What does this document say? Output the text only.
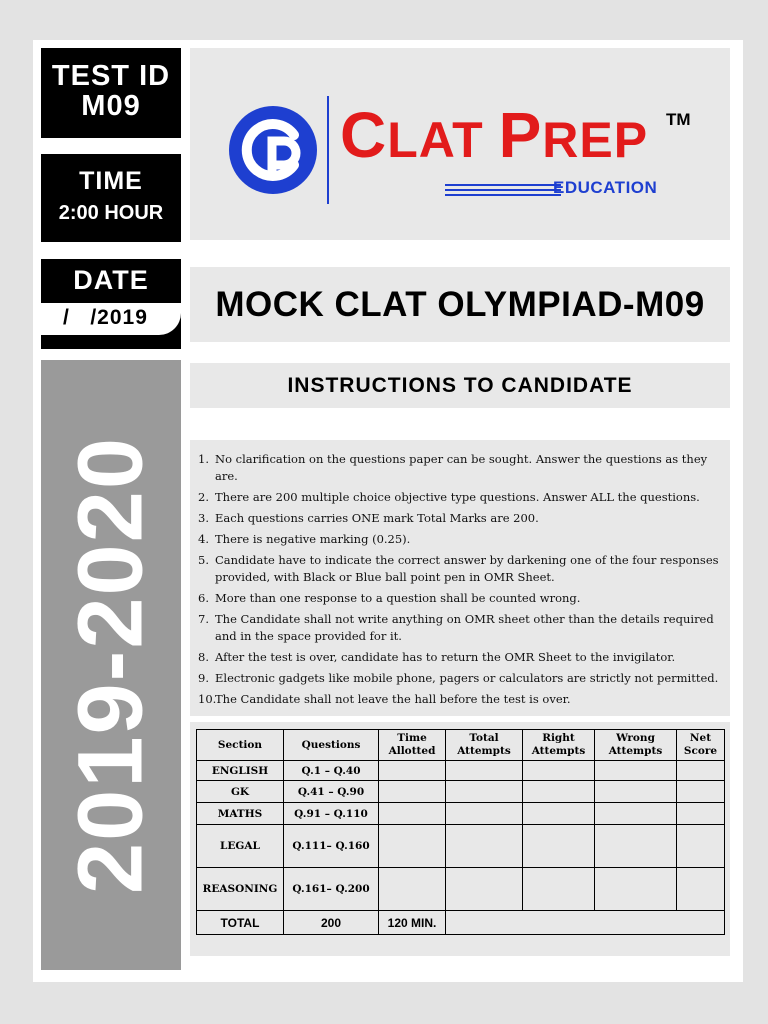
TEST ID
M09
TIME
2:00 HOUR
DATE
/   /2019
2019-2020
CLAT PREP TM
EDUCATION
MOCK CLAT OLYMPIAD-M09
INSTRUCTIONS TO CANDIDATE
1. No clarification on the questions paper can be sought. Answer the questions as they are.
2. There are 200 multiple choice objective type questions. Answer ALL the questions.
3. Each questions carries ONE mark Total Marks are 200.
4. There is negative marking (0.25).
5. Candidate have to indicate the correct answer by darkening one of the four responses provided, with Black or Blue ball point pen in OMR Sheet.
6. More than one response to a question shall be counted wrong.
7. The Candidate shall not write anything on OMR sheet other than the details required and in the space provided for it.
8. After the test is over, candidate has to return the OMR Sheet to the invigilator.
9. Electronic gadgets like mobile phone, pagers or calculators are strictly not permitted.
10.
The Candidate shall not leave the hall before the test is over.
Section	Questions	Time Allotted	Total Attempts	Right Attempts	Wrong Attempts	Net Score
ENGLISH	Q.1 – Q.40					
GK	Q.41 – Q.90					
MATHS	Q.91 – Q.110					
LEGAL	Q.111– Q.160					
REASONING	Q.161– Q.200					
TOTAL	200	120 MIN.				
